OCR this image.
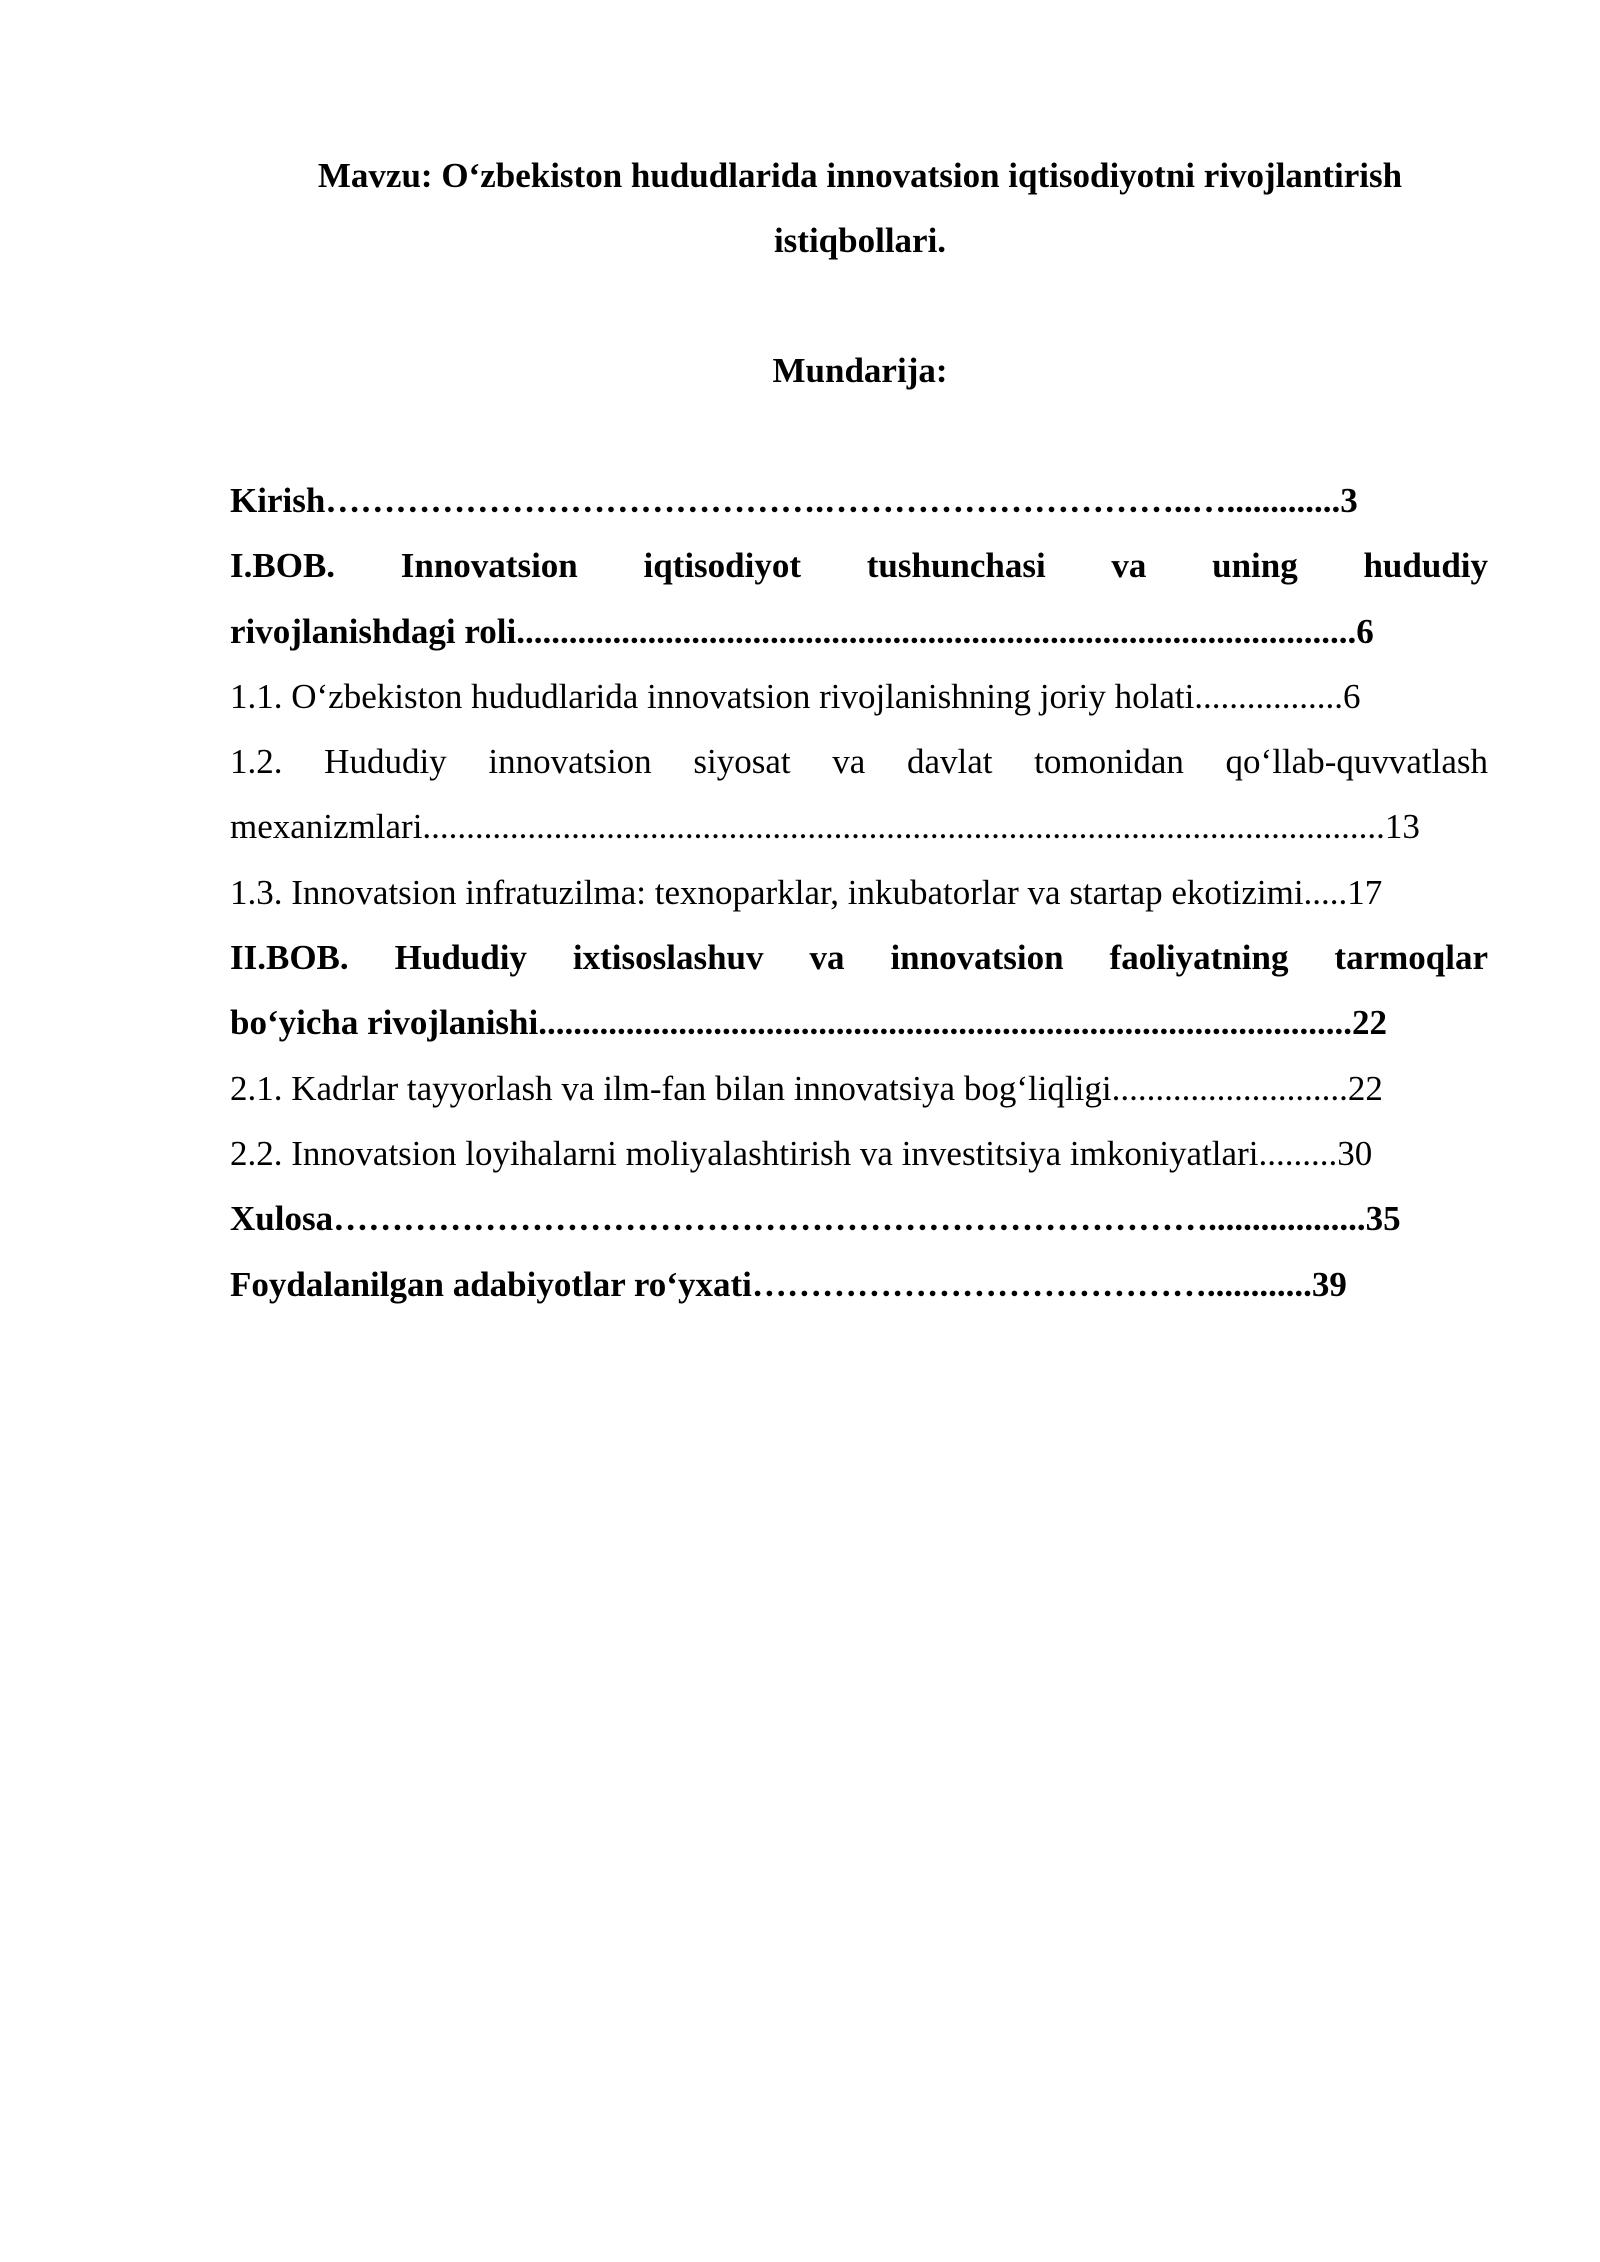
Mavzu: O‘zbekiston hududlarida innovatsion iqtisodiyotni rivojlantirish
istiqbollari.
Mundarija:
Kirish…………………………………….…………………………..….............3
I.BOB. Innovatsion iqtisodiyot tushunchasi va uning hududiy
rivojlanishdagi roli................................................................................................6
1.1. O‘zbekiston hududlarida innovatsion rivojlanishning joriy holati.................6
1.2. Hududiy innovatsion siyosat va davlat tomonidan qo‘llab-quvvatlash
mexanizmlari..............................................................................................................13
1.3. Innovatsion infratuzilma: texnoparklar, inkubatorlar va startap ekotizimi.....17
II.BOB. Hududiy ixtisoslashuv va innovatsion faoliyatning tarmoqlar
bo‘yicha rivojlanishi.............................................................................................22
2.1. Kadrlar tayyorlash va ilm-fan bilan innovatsiya bog‘liqligi...........................22
2.2. Innovatsion loyihalarni moliyalashtirish va investitsiya imkoniyatlari.........30
Xulosa…………………………………………………………………..................35
Foydalanilgan adabiyotlar ro‘yxati…………………………………............39
